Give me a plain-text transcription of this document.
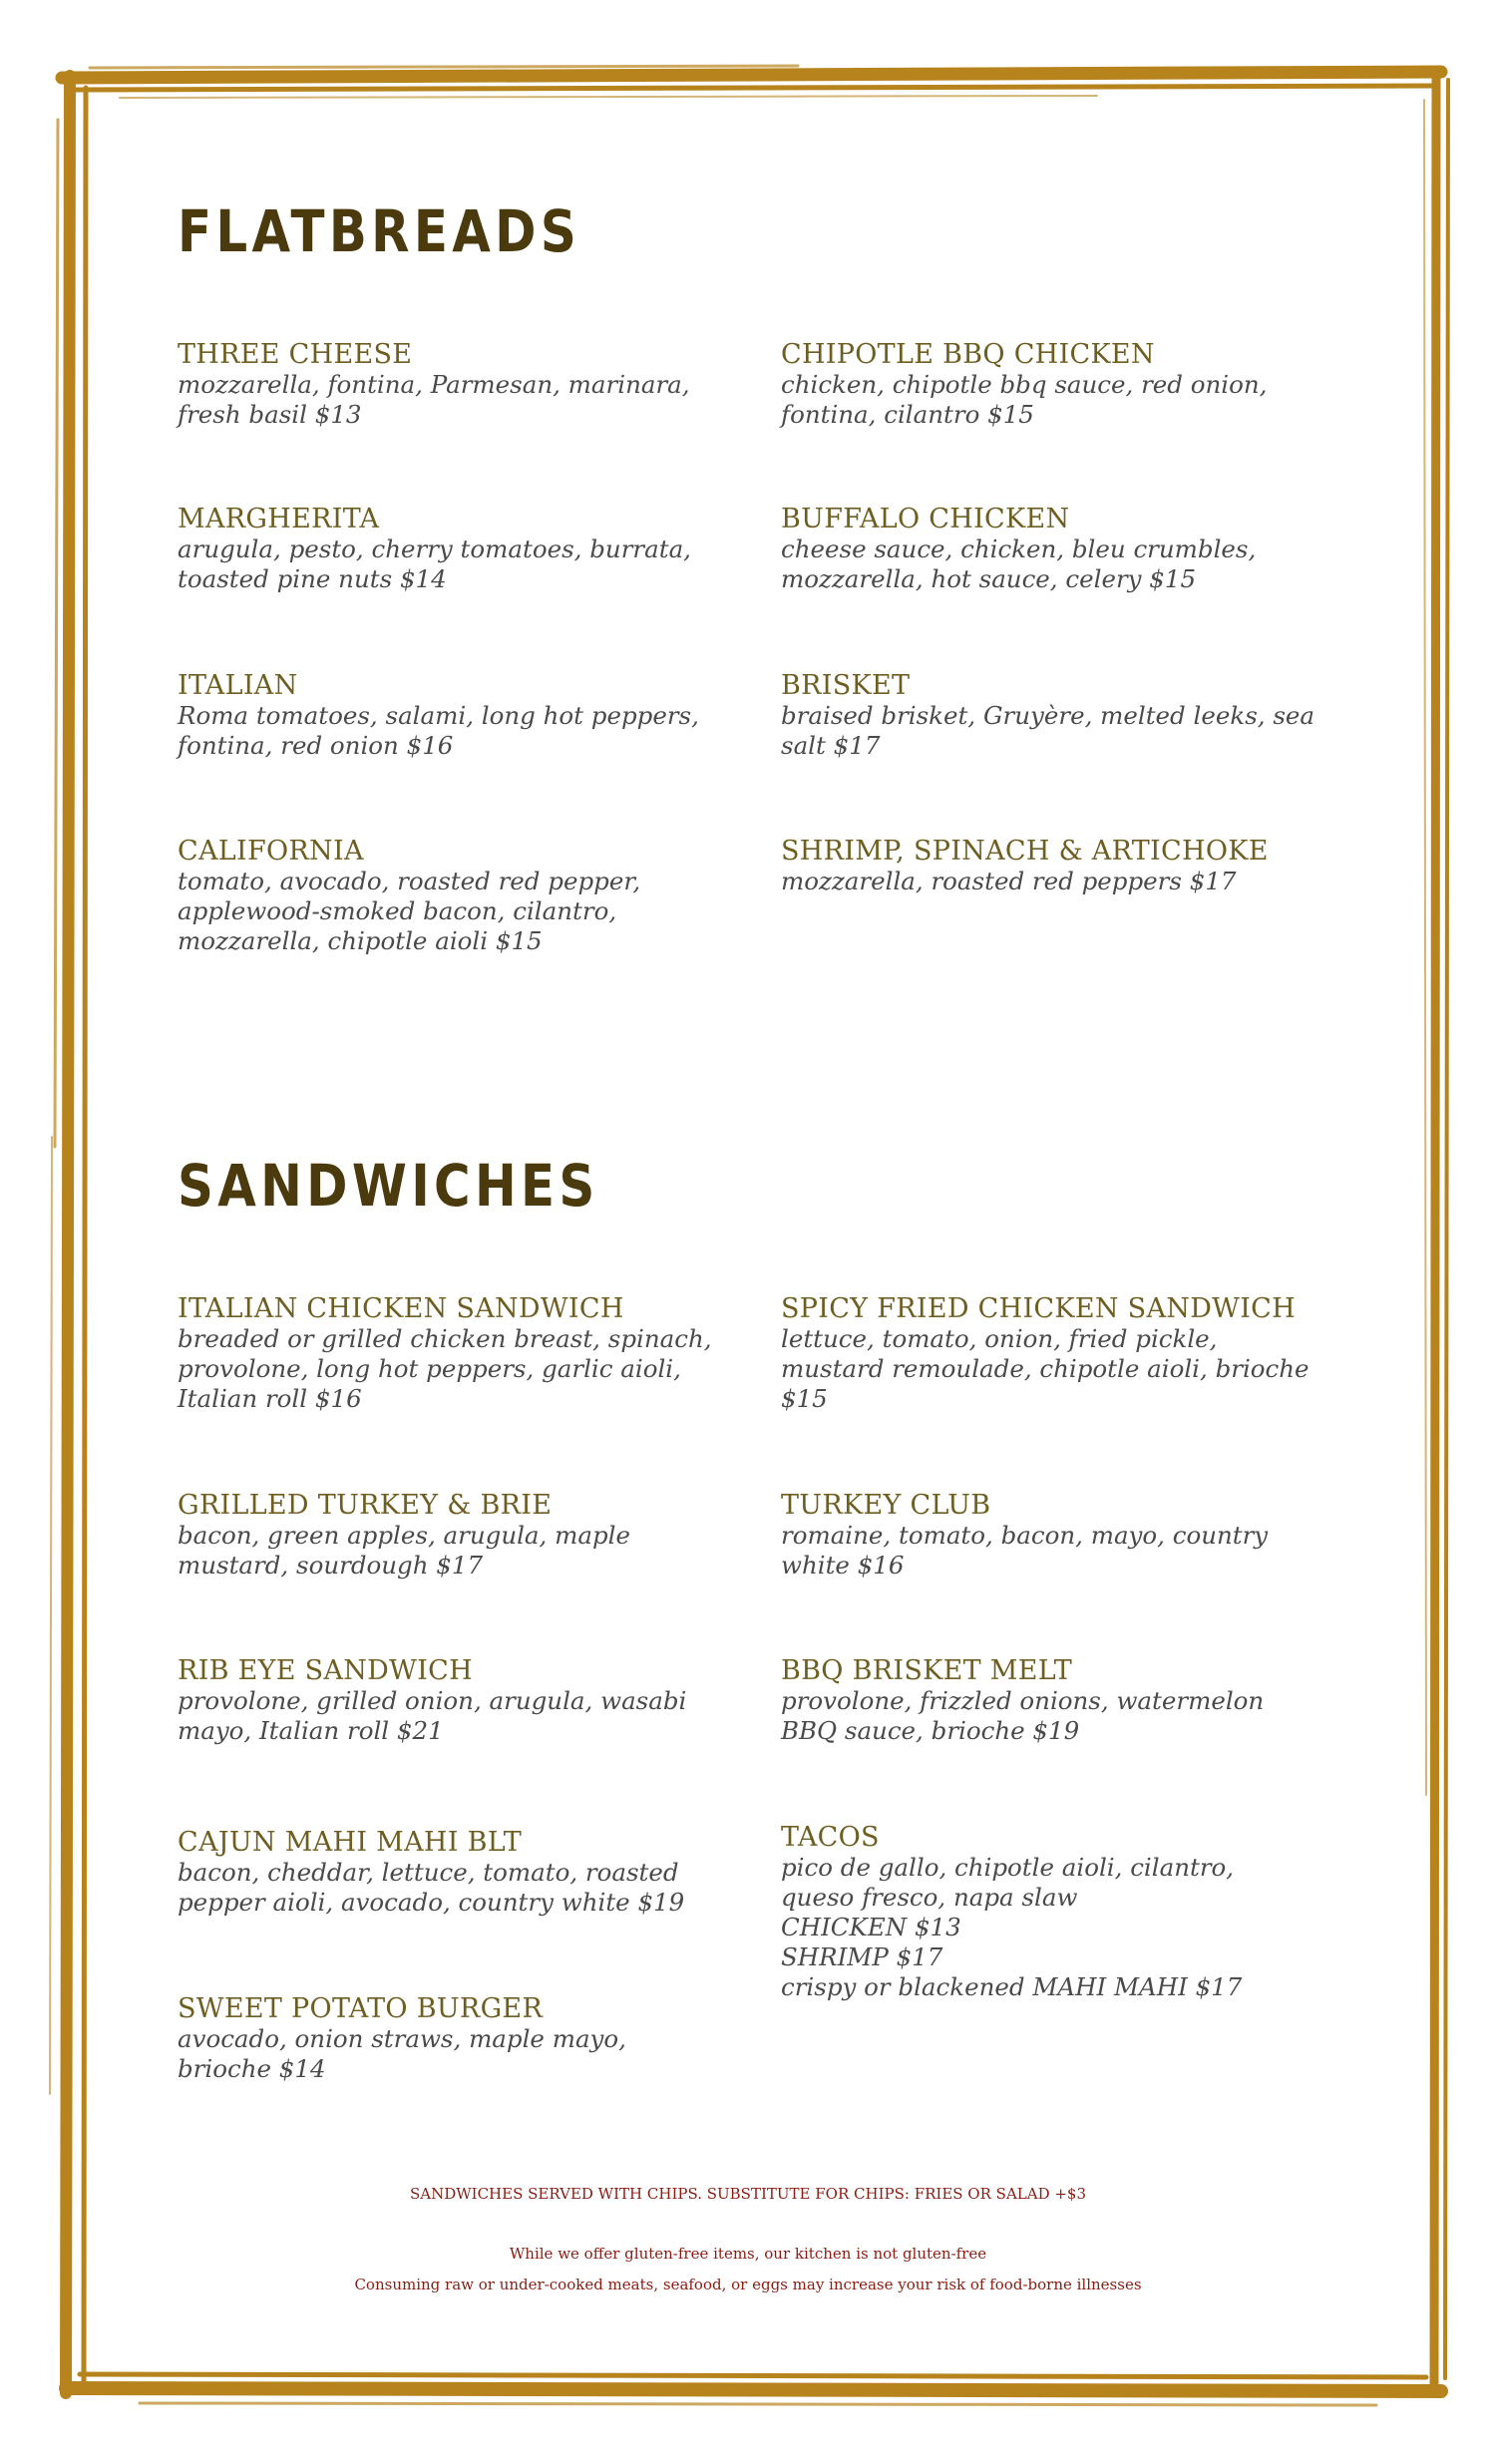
FLATBREADS
THREE CHEESE
mozzarella, fontina, Parmesan, marinara,
fresh basil $13
CHIPOTLE BBQ CHICKEN
chicken, chipotle bbq sauce, red onion,
fontina, cilantro $15
MARGHERITA
arugula, pesto, cherry tomatoes, burrata,
toasted pine nuts $14
BUFFALO CHICKEN
cheese sauce, chicken, bleu crumbles,
mozzarella, hot sauce, celery $15
ITALIAN
Roma tomatoes, salami, long hot peppers,
fontina, red onion $16
BRISKET
braised brisket, Gruyère, melted leeks, sea
salt $17
CALIFORNIA
tomato, avocado, roasted red pepper,
applewood-smoked bacon, cilantro,
mozzarella, chipotle aioli $15
SHRIMP, SPINACH & ARTICHOKE
mozzarella, roasted red peppers $17
SANDWICHES
ITALIAN CHICKEN SANDWICH
breaded or grilled chicken breast, spinach,
provolone, long hot peppers, garlic aioli,
Italian roll $16
SPICY FRIED CHICKEN SANDWICH
lettuce, tomato, onion, fried pickle,
mustard remoulade, chipotle aioli, brioche
$15
GRILLED TURKEY & BRIE
bacon, green apples, arugula, maple
mustard, sourdough $17
TURKEY CLUB
romaine, tomato, bacon, mayo, country
white $16
RIB EYE SANDWICH
provolone, grilled onion, arugula, wasabi
mayo, Italian roll $21
BBQ BRISKET MELT
provolone, frizzled onions, watermelon
BBQ sauce, brioche $19
CAJUN MAHI MAHI BLT
bacon, cheddar, lettuce, tomato, roasted
pepper aioli, avocado, country white $19
TACOS
pico de gallo, chipotle aioli, cilantro,
queso fresco, napa slaw
CHICKEN $13
SHRIMP $17
crispy or blackened MAHI MAHI $17
SWEET POTATO BURGER
avocado, onion straws, maple mayo,
brioche $14
SANDWICHES SERVED WITH CHIPS. SUBSTITUTE FOR CHIPS: FRIES OR SALAD +$3
While we offer gluten-free items, our kitchen is not gluten-free
Consuming raw or under-cooked meats, seafood, or eggs may increase your risk of food-borne illnesses
